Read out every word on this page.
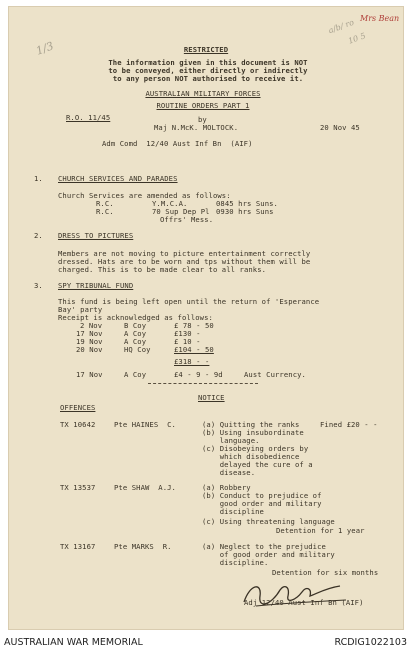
Mrs Bean
a/b/ ro
10 5
1/3	RESTRICTED
The information given in this document is NOT
to be conveyed, either directly or indirectly
to any person NOT authorised to receive it.
AUSTRALIAN MILITARY FORCES
ROUTINE ORDERS PART 1
R.O. 11/45	by
20 Nov 45
Maj N.McK. MOLTOCK.
Adm Comd  12/40 Aust Inf Bn  (AIF)
1. CHURCH SERVICES AND PARADES
Church Services are amended as follows:
R.C.	Y.M.C.A.	0845 hrs Suns.
R.C.	70 Sup Dep Pl 0930 hrs Suns
Offrs' Mess.
2. DRESS TO PICTURES
Members are not moving to picture entertainment correctly
dressed. Hats are to be worn and tps without them will be
charged. This is to be made clear to all ranks.
3. SPY TRIBUNAL FUND
This fund is being left open until the return of 'Esperance
Bay' party
Receipt is acknowledged as follows:
2 Nov	B Coy	£ 78 - 50
17 Nov	A Coy	£130 -
19 Nov	A Coy	£ 10 -
20 Nov	HQ Coy	£104 - 50
£318 - -
17 Nov	A Coy	£4 - 9 - 9d	Aust Currency.
NOTICE
OFFENCES
TX 10642	Pte HAINES  C.	(a) Quitting the ranks
(b) Using insubordinate
language.
(c) Disobeying orders by
which disobedience
delayed the cure of a
disease.
Fined £20 - -
TX 13537	Pte SHAW  A.J.	(a) Robbery
(b) Conduct to prejudice of
good order and military
discipline
(c) Using threatening language
Detention for 1 year
TX 13167	Pte MARKS  R.	(a) Neglect to the prejudice
of good order and military
discipline.
Detention for six months
Adj 12/40 Aust Inf Bn (AIF)
AUSTRALIAN WAR MEMORIAL	RCDIG1022103
